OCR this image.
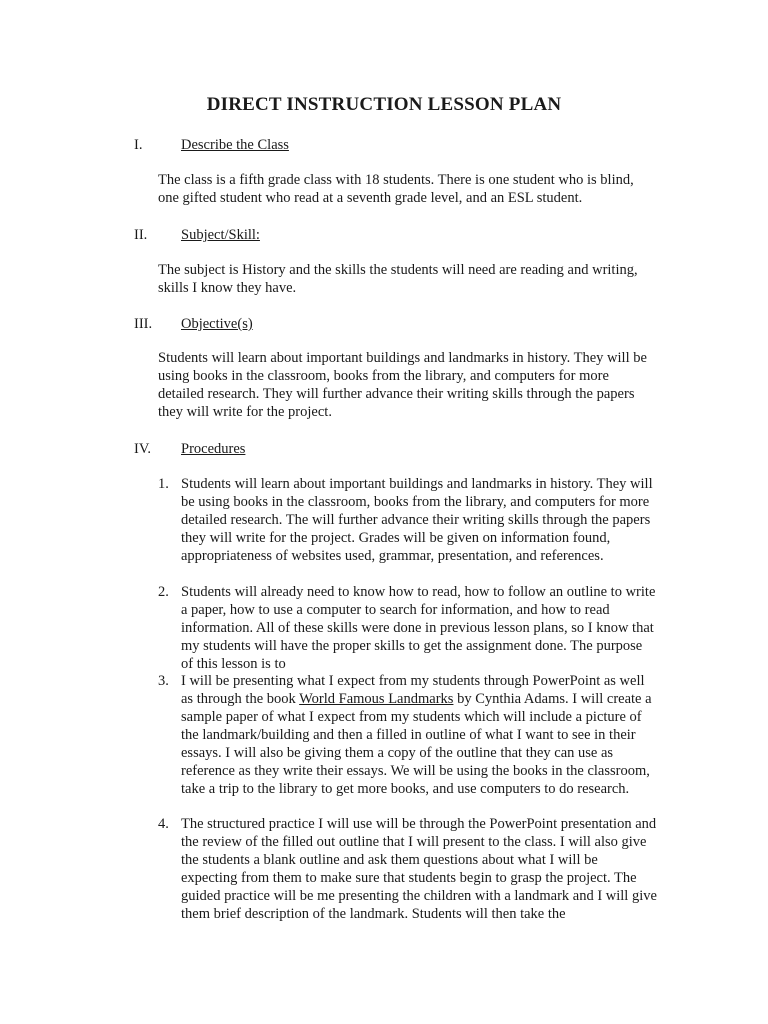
DIRECT INSTRUCTION LESSON PLAN
I.	Describe the Class

The class is a fifth grade class with 18 students. There is one student who is blind, one gifted student who read at a seventh grade level, and an ESL student.

II. Subject/Skill:

The subject is History and the skills the students will need are reading and writing, skills I know they have.

III. Objective(s)

Students will learn about important buildings and landmarks in history. They will be using books in the classroom, books from the library, and computers for more detailed research. They will further advance their writing skills through the papers they will write for the project.

IV. Procedures
1. Students will learn about important buildings and landmarks in history. They will be using books in the classroom, books from the library, and computers for more detailed research. The will further advance their writing skills through the papers they will write for the project. Grades will be given on information found, appropriateness of websites used, grammar, presentation, and references.

2. Students will already need to know how to read, how to follow an outline to write a paper, how to use a computer to search for information, and how to read information. All of these skills were done in previous lesson plans, so I know that my students will have the proper skills to get the assignment done. The purpose of this lesson is to

3. I will be presenting what I expect from my students through PowerPoint as well as through the book World Famous Landmarks by Cynthia Adams. I will create a sample paper of what I expect from my students which will include a picture of the landmark/building and then a filled in outline of what I want to see in their essays. I will also be giving them a copy of the outline that they can use as reference as they write their essays. We will be using the books in the classroom, take a trip to the library to get more books, and use computers to do research.

4. The structured practice I will use will be through the PowerPoint presentation and the review of the filled out outline that I will present to the class. I will also give the students a blank outline and ask them questions about what I will be expecting from them to make sure that students begin to grasp the project. The guided practice will be me presenting the children with a landmark and I will give them brief description of the landmark. Students will then take the
